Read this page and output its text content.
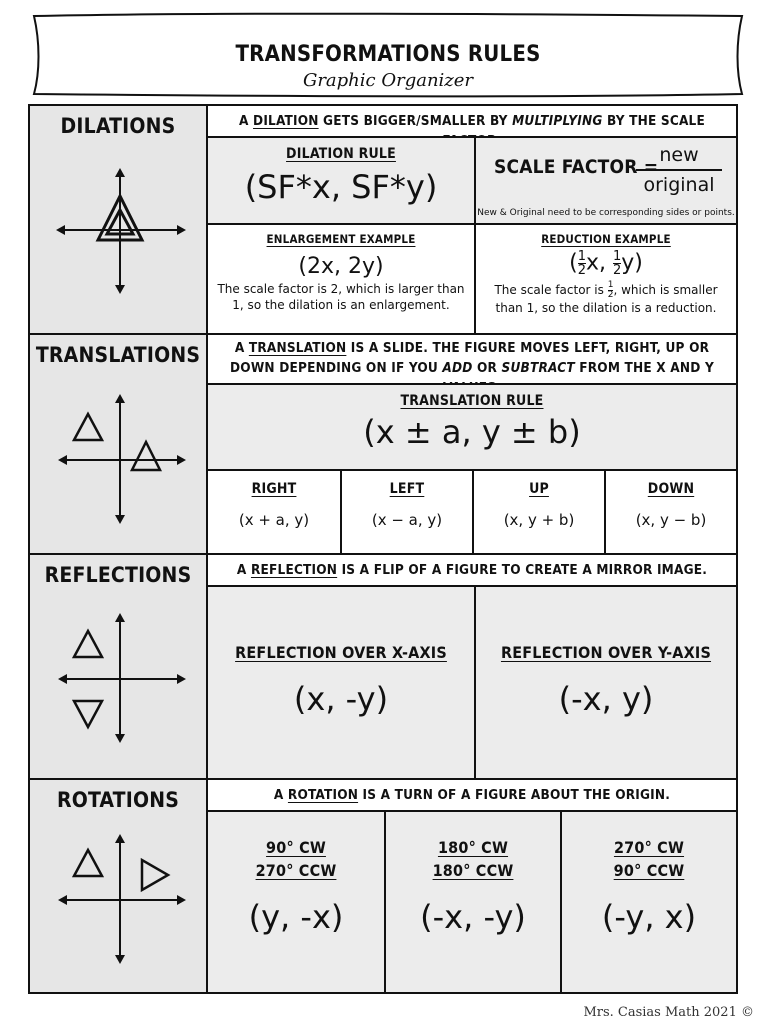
TRANSFORMATIONS RULES
Graphic Organizer
DILATIONS	A DILATION GETS BIGGER/SMALLER BY MULTIPLYING BY THE SCALE
DILATION RULE
(SF*x, SF*y)
SCALE FACTOR =
new
original
New & Original need to be corresponding sides or points.
ENLARGEMENT EXAMPLE
(2x, 2y)
The scale factor is 2, which is larger than 1, so the dilation is an enlargement.
REDUCTION EXAMPLE
( $\frac{1}{2} x$, $\frac{1}{2} y$)
The scale factor is $\frac{1}{2}$ , which is smaller than 1, so the dilation is a reduction.
TRANSLATIONS	A TRANSLATION IS A SLIDE. THE FIGURE MOVES LEFT, RIGHT, UP OR DOWN DEPENDING ON IF YOU ADD OR SUBTRACT FROM THE X AND Y
TRANSLATION RULE
(x ± a, y ± b)
RIGHT
(x + a, y)
LEFT
(x − a, y)
UP
(x, y + b)
DOWN
(x, y − b)
REFLECTIONS	A REFLECTION IS A FLIP OF A FIGURE TO CREATE A MIRROR IMAGE.
REFLECTION OVER X-AXIS
(x, -y)
REFLECTION OVER Y-AXIS
(-x, y)
ROTATIONS	A ROTATION IS A TURN OF A FIGURE ABOUT THE ORIGIN.
90° CW
270° CCW
(y, -x)
180° CW
180° CCW
(-x, -y)
270° CW
90° CCW
(-y, x)
Mrs. Casias Math 2021 ©
